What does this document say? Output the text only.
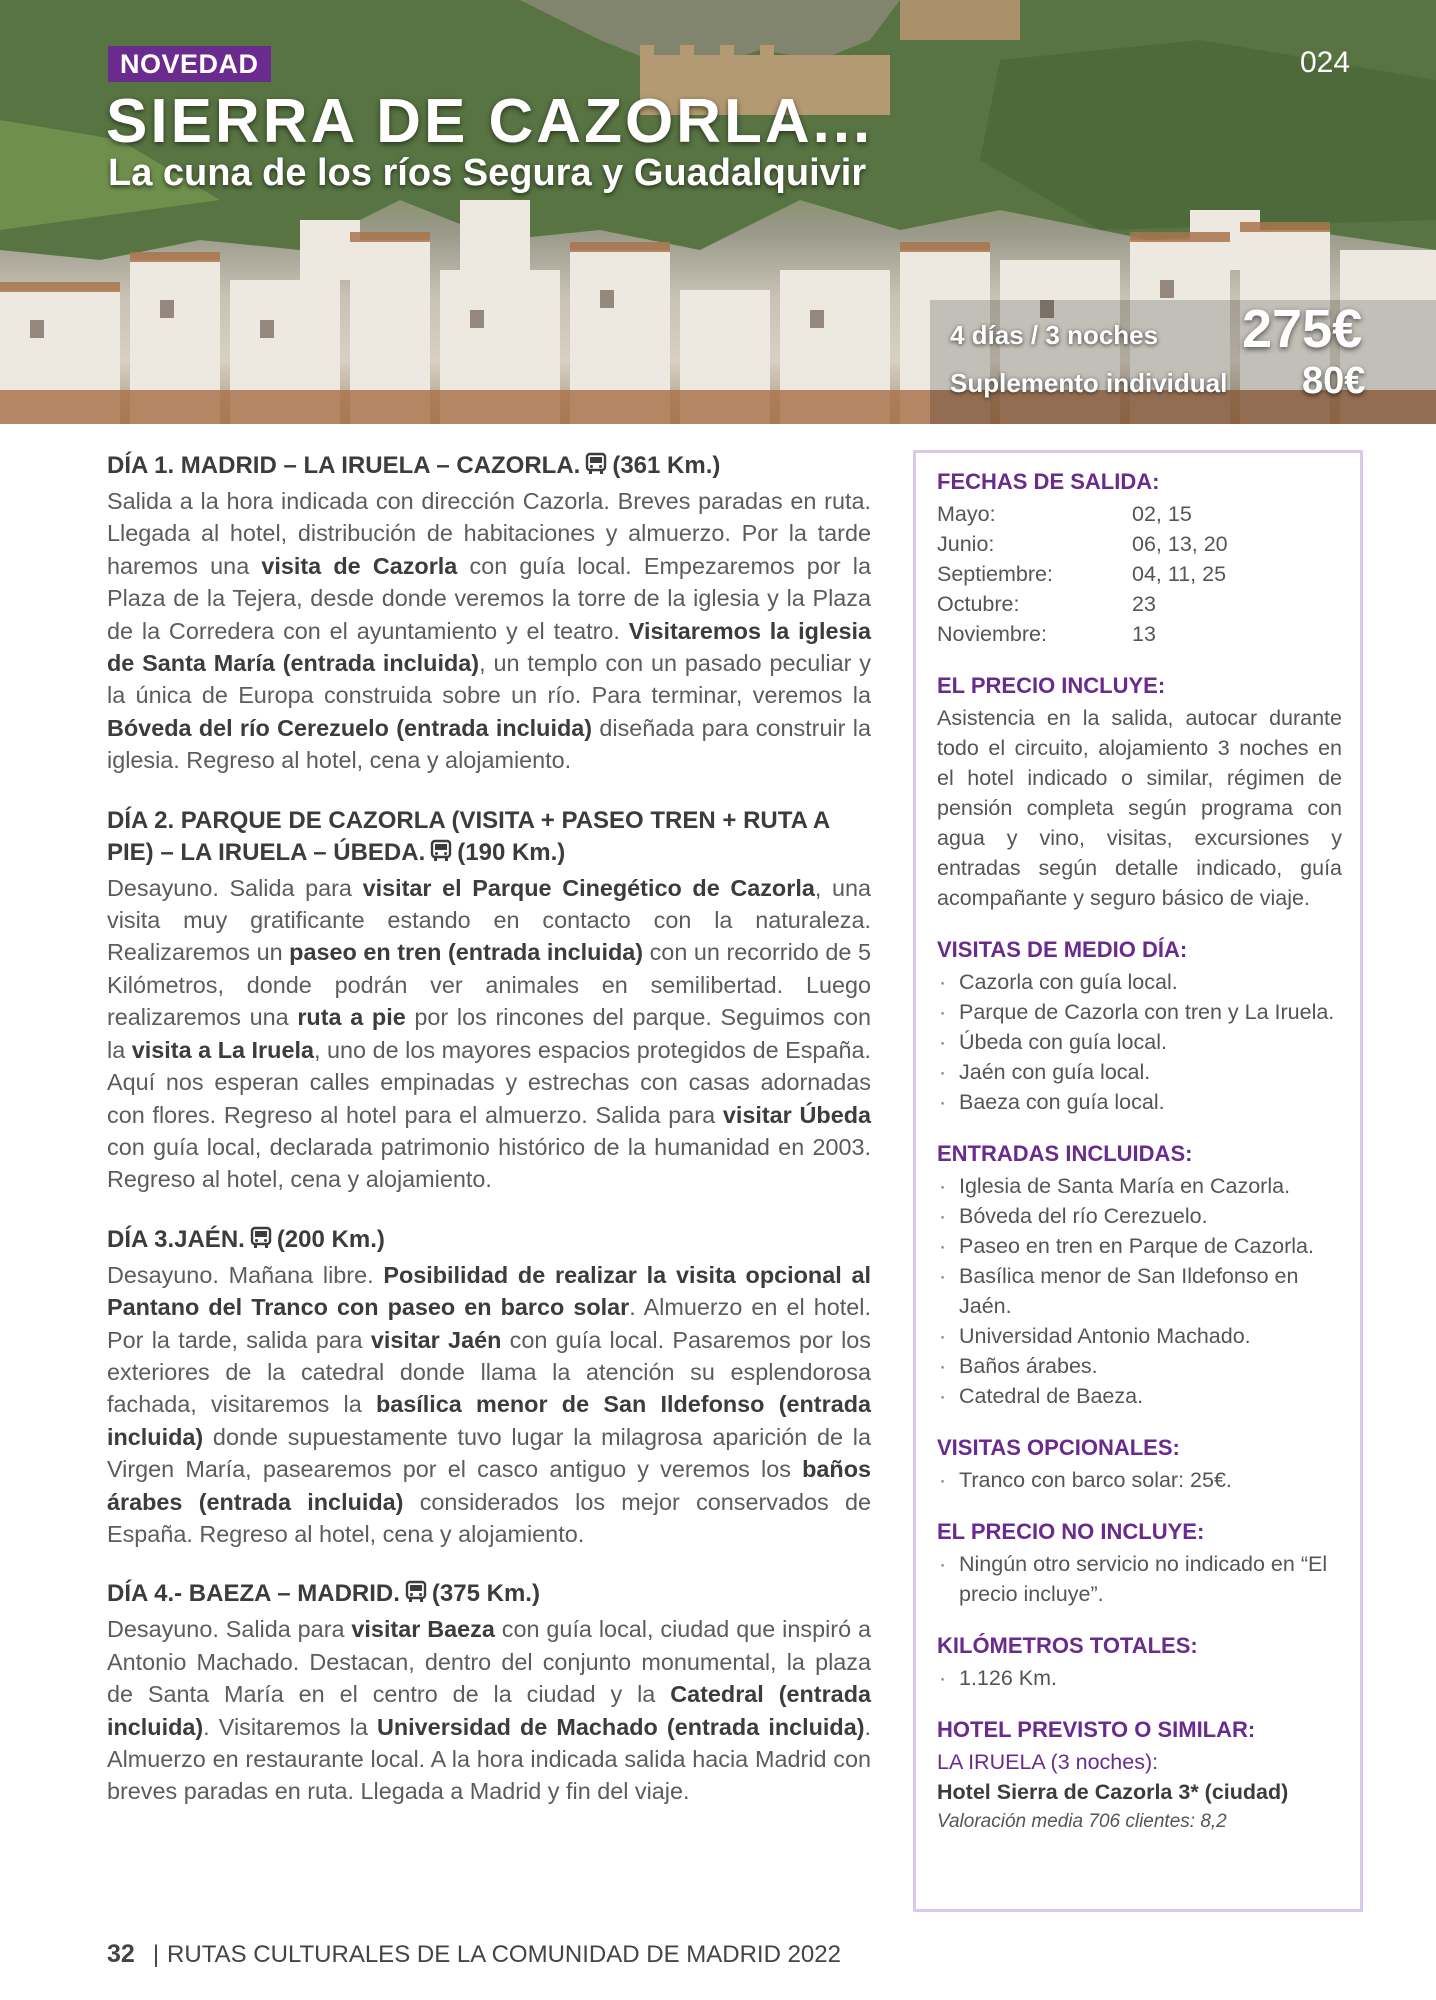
NOVEDAD	024
SIERRA DE CAZORLA...
La cuna de los ríos Segura y Guadalquivir
4 días / 3 noches 275€
Suplemento individual 80€

DÍA 1. MADRID – LA IRUELA – CAZORLA. (361 Km.)

Salida a la hora indicada con dirección Cazorla. Breves paradas en ruta. Llegada al hotel, distribución de habitaciones y almuerzo. Por la tarde haremos una visita de Cazorla con guía local. Empezaremos por la Plaza de la Tejera, desde donde veremos la torre de la iglesia y la Plaza de la Corredera con el ayuntamiento y el teatro. Visitaremos la iglesia de Santa María (entrada incluida), un templo con un pasado peculiar y la única de Europa construida sobre un río. Para terminar, veremos la Bóveda del río Cerezuelo (entrada incluida) diseñada para construir la iglesia. Regreso al hotel, cena y alojamiento.

DÍA 2. PARQUE DE CAZORLA (VISITA + PASEO TREN + RUTA A PIE) – LA IRUELA – ÚBEDA. (190 Km.)

Desayuno. Salida para visitar el Parque Cinegético de Cazorla, una visita muy gratificante estando en contacto con la naturaleza. Realizaremos un paseo en tren (entrada incluida) con un recorrido de 5 Kilómetros, donde podrán ver animales en semilibertad. Luego realizaremos una ruta a pie por los rincones del parque. Seguimos con la visita a La Iruela, uno de los mayores espacios protegidos de España. Aquí nos esperan calles empinadas y estrechas con casas adornadas con flores. Regreso al hotel para el almuerzo. Salida para visitar Úbeda con guía local, declarada patrimonio histórico de la humanidad en 2003. Regreso al hotel, cena y alojamiento.

DÍA 3.JAÉN. (200 Km.)

Desayuno. Mañana libre. Posibilidad de realizar la visita opcional al Pantano del Tranco con paseo en barco solar. Almuerzo en el hotel. Por la tarde, salida para visitar Jaén con guía local. Pasaremos por los exteriores de la catedral donde llama la atención su esplendorosa fachada, visitaremos la basílica menor de San Ildefonso (entrada incluida) donde supuestamente tuvo lugar la milagrosa aparición de la Virgen María, pasearemos por el casco antiguo y veremos los baños árabes (entrada incluida) considerados los mejor conservados de España. Regreso al hotel, cena y alojamiento.

DÍA 4.- BAEZA – MADRID. (375 Km.)

Desayuno. Salida para visitar Baeza con guía local, ciudad que inspiró a Antonio Machado. Destacan, dentro del conjunto monumental, la plaza de Santa María en el centro de la ciudad y la Catedral (entrada incluida). Visitaremos la Universidad de Machado (entrada incluida). Almuerzo en restaurante local. A la hora indicada salida hacia Madrid con breves paradas en ruta. Llegada a Madrid y fin del viaje.

FECHAS DE SALIDA:
Mayo:	02, 15
Junio:	06, 13, 20
Septiembre:	04, 11, 25
Octubre:	23
Noviembre:	13
EL PRECIO INCLUYE:

Asistencia en la salida, autocar durante todo el circuito, alojamiento 3 noches en el hotel indicado o similar, régimen de pensión completa según programa con agua y vino, visitas, excursiones y entradas según detalle indicado, guía acompañante y seguro básico de viaje.

VISITAS DE MEDIO DÍA:
· Cazorla con guía local.
· Parque de Cazorla con tren y La Iruela.
· Úbeda con guía local.
· Jaén con guía local.
· Baeza con guía local.
ENTRADAS INCLUIDAS:
· Iglesia de Santa María en Cazorla.
· Bóveda del río Cerezuelo.
· Paseo en tren en Parque de Cazorla.
· Basílica menor de San Ildefonso en Jaén.
· Universidad Antonio Machado.
· Baños árabes.
· Catedral de Baeza.
VISITAS OPCIONALES:
· Tranco con barco solar: 25€.
EL PRECIO NO INCLUYE:
· Ningún otro servicio no indicado en “El precio incluye”.
KILÓMETROS TOTALES:
· 1.126 Km.
HOTEL PREVISTO O SIMILAR:
LA IRUELA (3 noches):
Hotel Sierra de Cazorla 3* (ciudad)
Valoración media 706 clientes: 8,2
32 | RUTAS CULTURALES DE LA COMUNIDAD DE MADRID 2022
